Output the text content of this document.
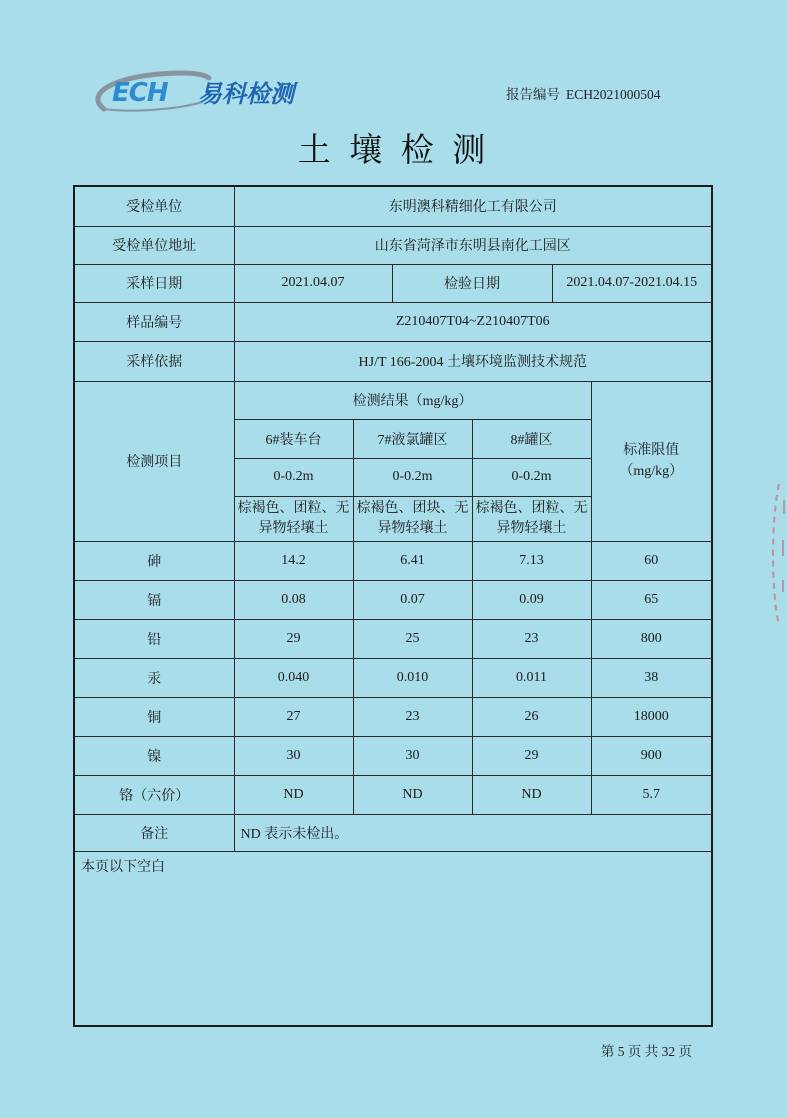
ECH 易科检测	报告编号 ECH2021000504
土 壤 检 测
受检单位	东明澳科精细化工有限公司					
受检单位地址	山东省菏泽市东明县南化工园区					
采样日期	2021.04.07		检验日期		2021.04.07-2021.04.15	
样品编号	Z210407T04~Z210407T06					
采样依据	HJ/T 166-2004 土壤环境监测技术规范					
检测项目	检测结果（mg/kg）					标准限值
（mg/kg）

	6#装车台	7#液氯罐区		8#罐区		
	0-0.2m	0-0.2m		0-0.2m		
	棕褐色、团粒、无异物轻壤土	棕褐色、团块、无异物轻壤土		棕褐色、团粒、无异物轻壤土		
砷	14.2	6.41		7.13		60
镉	0.08	0.07		0.09		65
铅	29	25		23		800
汞	0.040	0.010		0.011		38
铜	27	23		26		18000
镍	30	30		29		900
铬（六价）	ND	ND		ND		5.7
备注	ND 表示未检出。					
本页以下空白						
第 5 页 共 32 页
